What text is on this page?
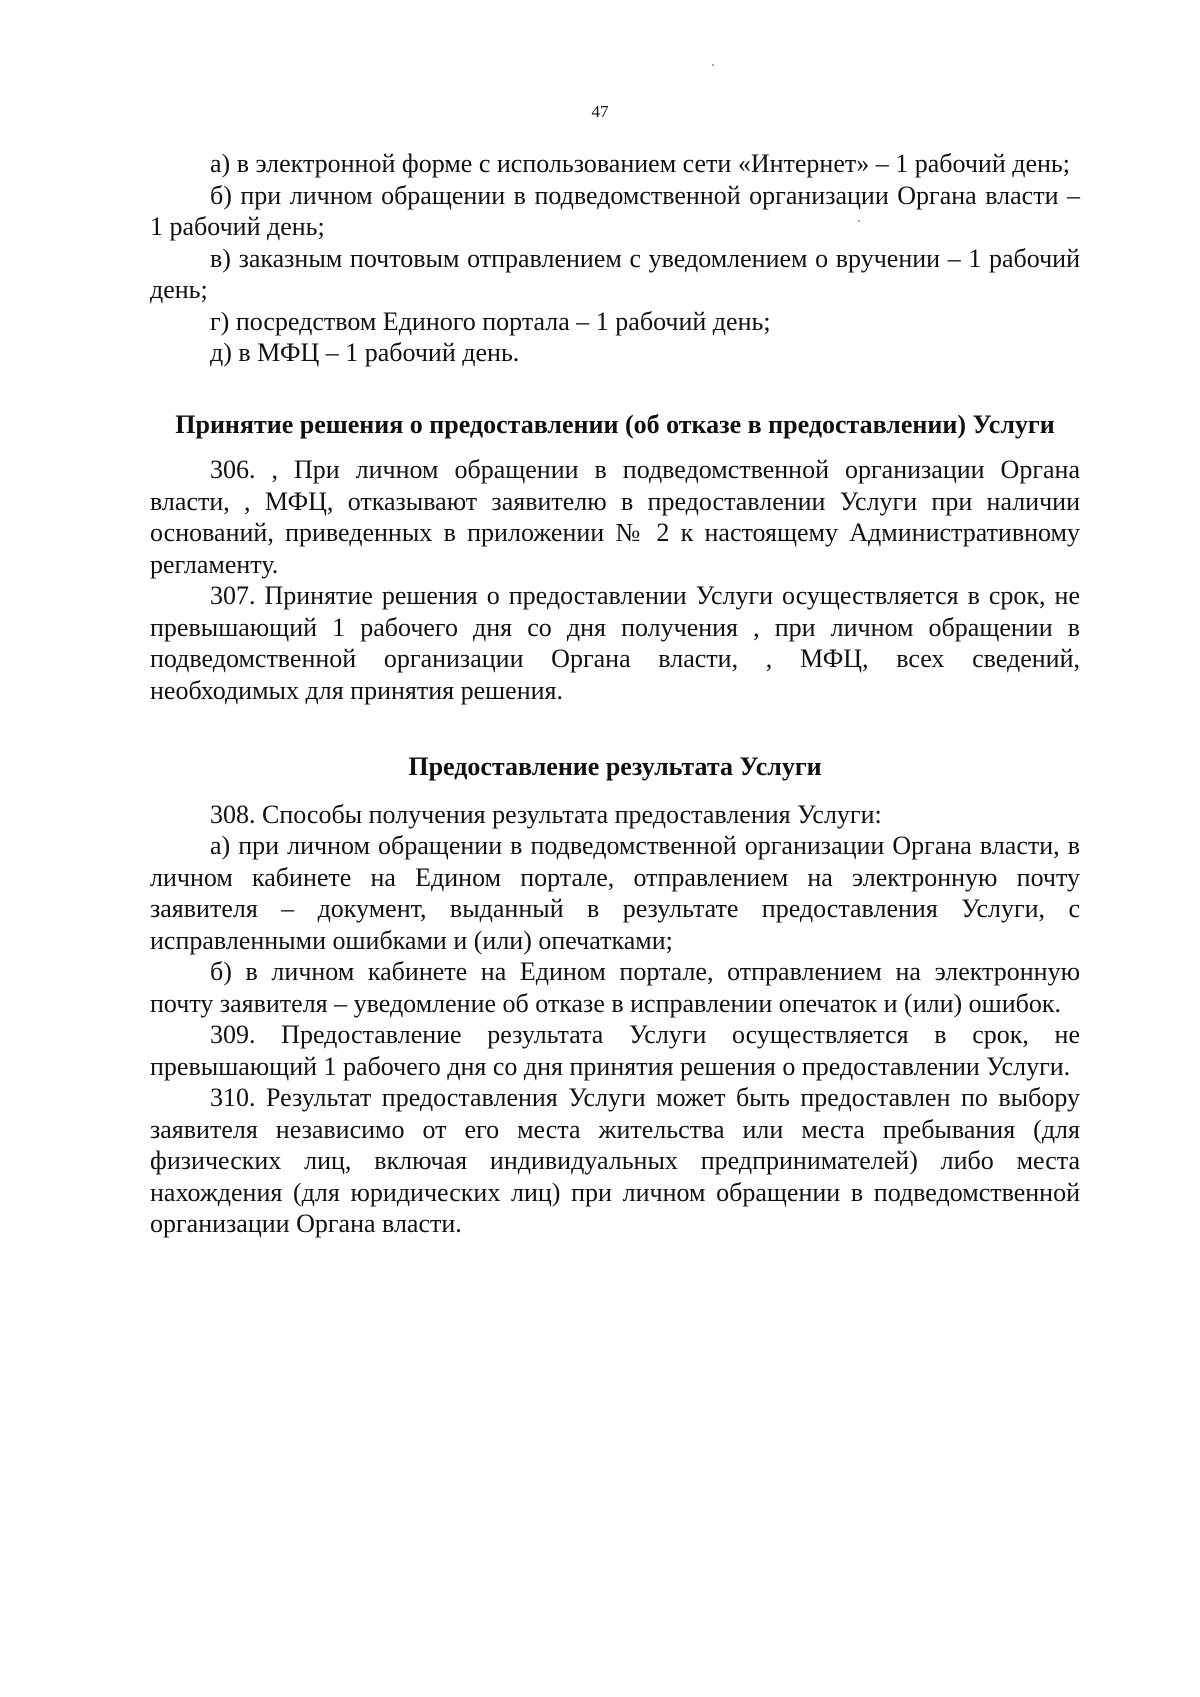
47

а) в электронной форме с использованием сети «Интернет» – 1 рабочий день;

б) при личном обращении в подведомственной организации Органа власти – 1 рабочий день;

в) заказным почтовым отправлением с уведомлением о вручении – 1 рабочий день;

г) посредством Единого портала – 1 рабочий день;

д) в МФЦ – 1 рабочий день.

Принятие решения о предоставлении (об отказе в предоставлении) Услуги

306. , При личном обращении в подведомственной организации Органа власти, , МФЦ, отказывают заявителю в предоставлении Услуги при наличии оснований, приведенных в приложении № 2 к настоящему Административному регламенту.

307. Принятие решения о предоставлении Услуги осуществляется в срок, не превышающий 1 рабочего дня со дня получения , при личном обращении в подведомственной организации Органа власти, , МФЦ, всех сведений, необходимых для принятия решения.

Предоставление результата Услуги

308. Способы получения результата предоставления Услуги:

а) при личном обращении в подведомственной организации Органа власти, в личном кабинете на Едином портале, отправлением на электронную почту заявителя – документ, выданный в результате предоставления Услуги, с исправленными ошибками и (или) опечатками;

б) в личном кабинете на Едином портале, отправлением на электронную почту заявителя – уведомление об отказе в исправлении опечаток и (или) ошибок.

309. Предоставление результата Услуги осуществляется в срок, не превышающий 1 рабочего дня со дня принятия решения о предоставлении Услуги.

310. Результат предоставления Услуги может быть предоставлен по выбору заявителя независимо от его места жительства или места пребывания (для физических лиц, включая индивидуальных предпринимателей) либо места нахождения (для юридических лиц) при личном обращении в подведомственной организации Органа власти.
